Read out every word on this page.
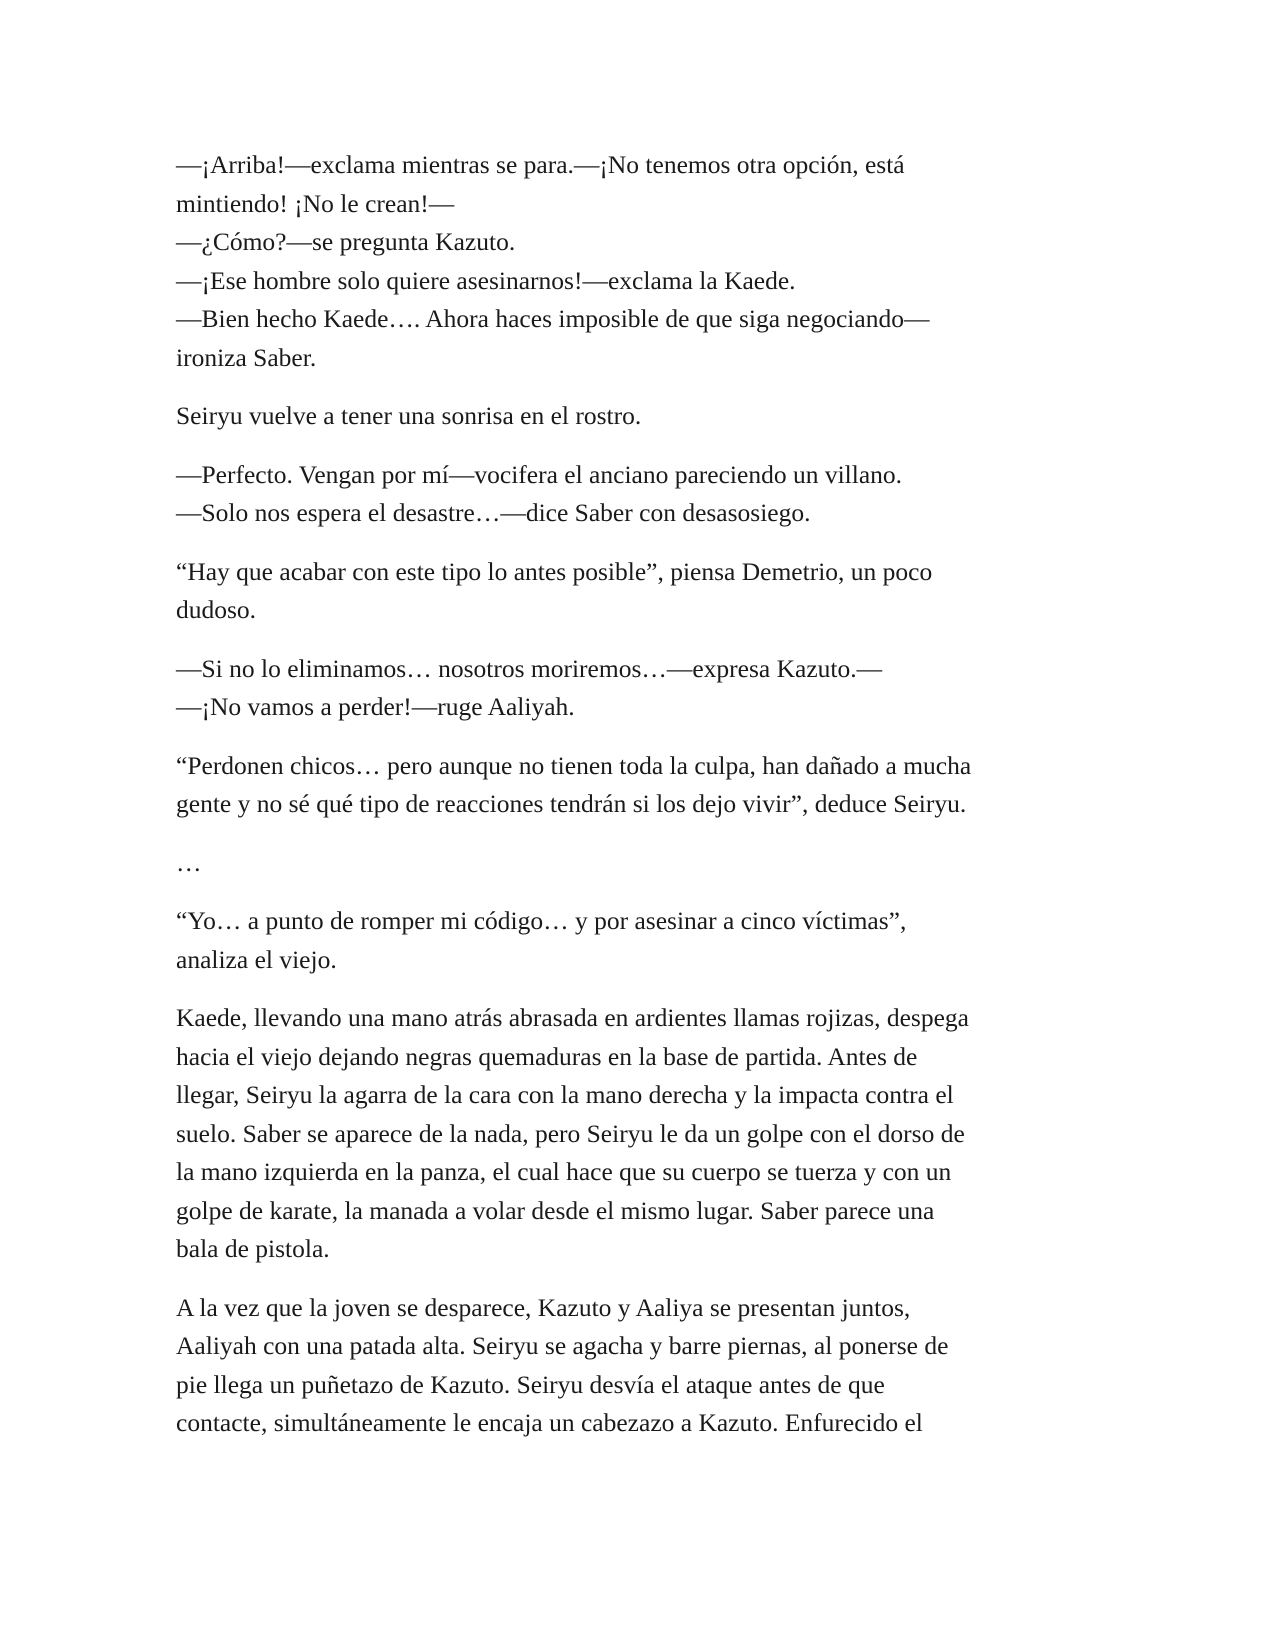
—¡Arriba!—exclama mientras se para.—¡No tenemos otra opción, está
mintiendo! ¡No le crean!—
—¿Cómo?—se pregunta Kazuto.
—¡Ese hombre solo quiere asesinarnos!—exclama la Kaede.
—Bien hecho Kaede…. Ahora haces imposible de que siga negociando—
ironiza Saber.
Seiryu vuelve a tener una sonrisa en el rostro.
—Perfecto. Vengan por mí—vocifera el anciano pareciendo un villano.
—Solo nos espera el desastre…—dice Saber con desasosiego.
“Hay que acabar con este tipo lo antes posible”, piensa Demetrio, un poco
dudoso.
—Si no lo eliminamos… nosotros moriremos…—expresa Kazuto.—
—¡No vamos a perder!—ruge Aaliyah.
“Perdonen chicos… pero aunque no tienen toda la culpa, han dañado a mucha
gente y no sé qué tipo de reacciones tendrán si los dejo vivir”, deduce Seiryu.
…
“Yo… a punto de romper mi código… y por asesinar a cinco víctimas”,
analiza el viejo.
Kaede, llevando una mano atrás abrasada en ardientes llamas rojizas, despega
hacia el viejo dejando negras quemaduras en la base de partida. Antes de
llegar, Seiryu la agarra de la cara con la mano derecha y la impacta contra el
suelo. Saber se aparece de la nada, pero Seiryu le da un golpe con el dorso de
la mano izquierda en la panza, el cual hace que su cuerpo se tuerza y con un
golpe de karate, la manada a volar desde el mismo lugar. Saber parece una
bala de pistola.
A la vez que la joven se desparece, Kazuto y Aaliya se presentan juntos,
Aaliyah con una patada alta. Seiryu se agacha y barre piernas, al ponerse de
pie llega un puñetazo de Kazuto. Seiryu desvía el ataque antes de que
contacte, simultáneamente le encaja un cabezazo a Kazuto. Enfurecido el
